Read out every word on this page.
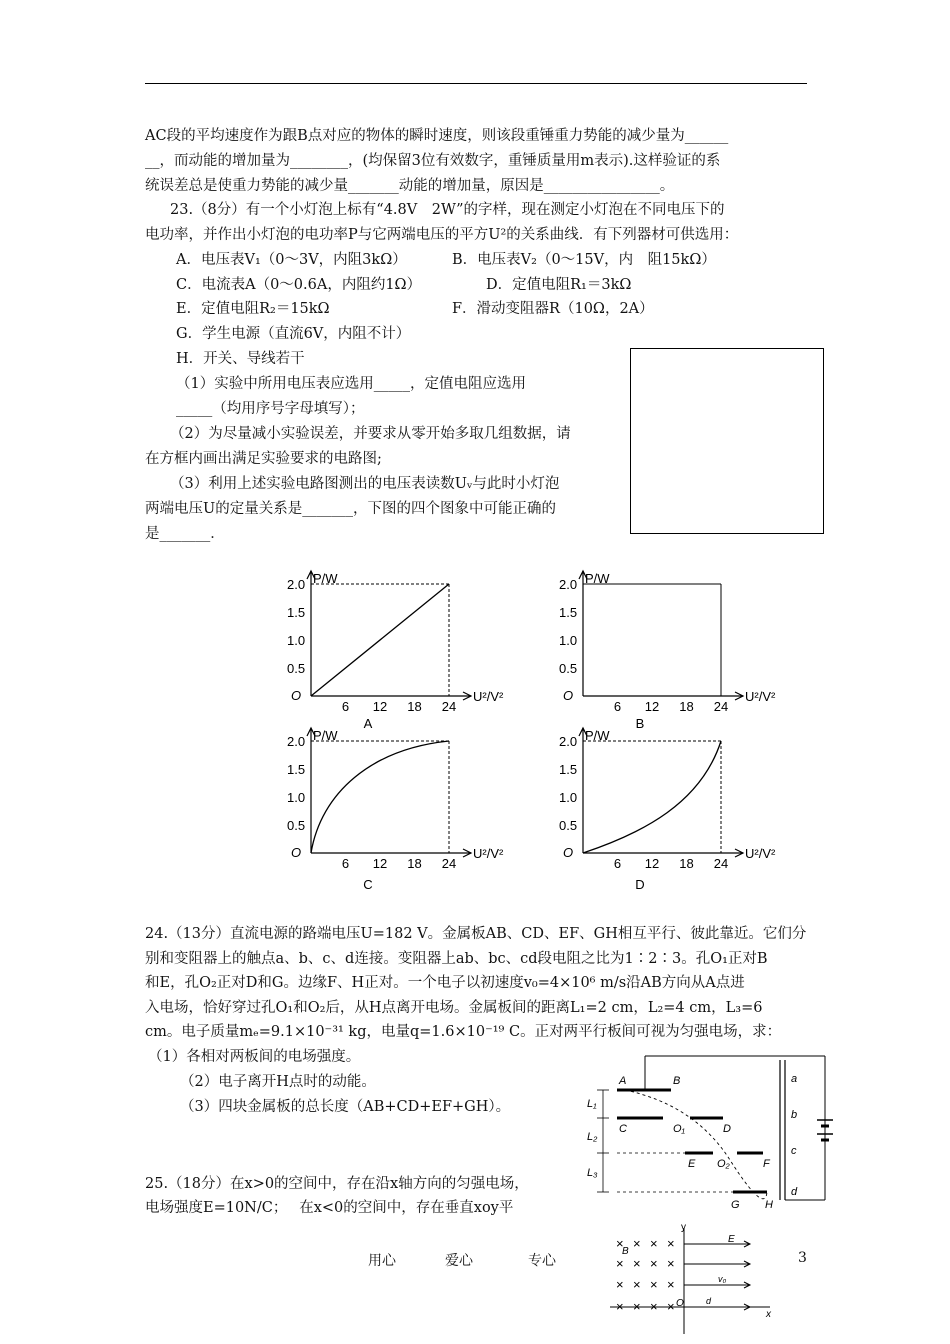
AC段的平均速度作为跟B点对应的物体的瞬时速度，则该段重锤重力势能的减少量为______
__，而动能的增加量为________，(均保留3位有效数字，重锤质量用m表示).这样验证的系
统误差总是使重力势能的减少量_______动能的增加量，原因是________________。
23.（8分）有一个小灯泡上标有“4.8V　2W”的字样，现在测定小灯泡在不同电压下的
电功率，并作出小灯泡的电功率P与它两端电压的平方U²的关系曲线．有下列器材可供选用：
A．电压表V₁（0～3V，内阻3kΩ）	B．电压表V₂（0～15V，内　阻15kΩ）
C．电流表A（0～0.6A，内阻约1Ω）	D．定值电阻R₁＝3kΩ
E．定值电阻R₂＝15kΩ	F．滑动变阻器R（10Ω，2A）
G．学生电源（直流6V，内阻不计）
H．开关、导线若干
（1）实验中所用电压表应选用_____，定值电阻应选用
_____（均用序号字母填写）；
（2）为尽量减小实验误差，并要求从零开始多取几组数据，请
在方框内画出满足实验要求的电路图;
（3）利用上述实验电路图测出的电压表读数Uᵥ与此时小灯泡
两端电压U的定量关系是_______，下图的四个图象中可能正确的
是_______．
P/W
U²/V²
O
0.5
1.0
1.5
2.0
6 12 18 24
A
P/W
U²/V²
O
0.5
1.0
1.5
2.0
6 12 18 24
B
P/W
U²/V²
O
0.5
1.0
1.5
2.0
6 12 18 24
C
P/W
U²/V²
O
0.5
1.0
1.5
2.0
6 12 18 24
D
24.（13分）直流电源的路端电压U=182 V。金属板AB、CD、EF、GH相互平行、彼此靠近。它们分
别和变阻器上的触点a、b、c、d连接。变阻器上ab、bc、cd段电阻之比为1∶2∶3。孔O₁正对B
和E，孔O₂正对D和G。边缘F、H正对。一个电子以初速度v₀=4×10⁶ m/s沿AB方向从A点进
入电场，恰好穿过孔O₁和O₂后，从H点离开电场。金属板间的距离L₁=2 cm，L₂=4 cm，L₃=6
cm。电子质量mₑ=9.1×10⁻³¹ kg，电量q=1.6×10⁻¹⁹ C。正对两平行板间可视为匀强电场，求：
（1）各相对两板间的电场强度。
（2）电子离开H点时的动能。
（3）四块金属板的总长度（AB+CD+EF+GH）。
25.（18分）在x>0的空间中，存在沿x轴方向的匀强电场，
电场强度E=10N/C；　 在x<0的空间中，存在垂直xoy平
A	B
C	O₁	D
E O₂	F
G H
L₁
L₂
L₃
a
b
c
d
y
x
× × × ×
× × × ×
× × × ×
× × × ×
B
E
v₀
O d
用心	爱心	专心	3
